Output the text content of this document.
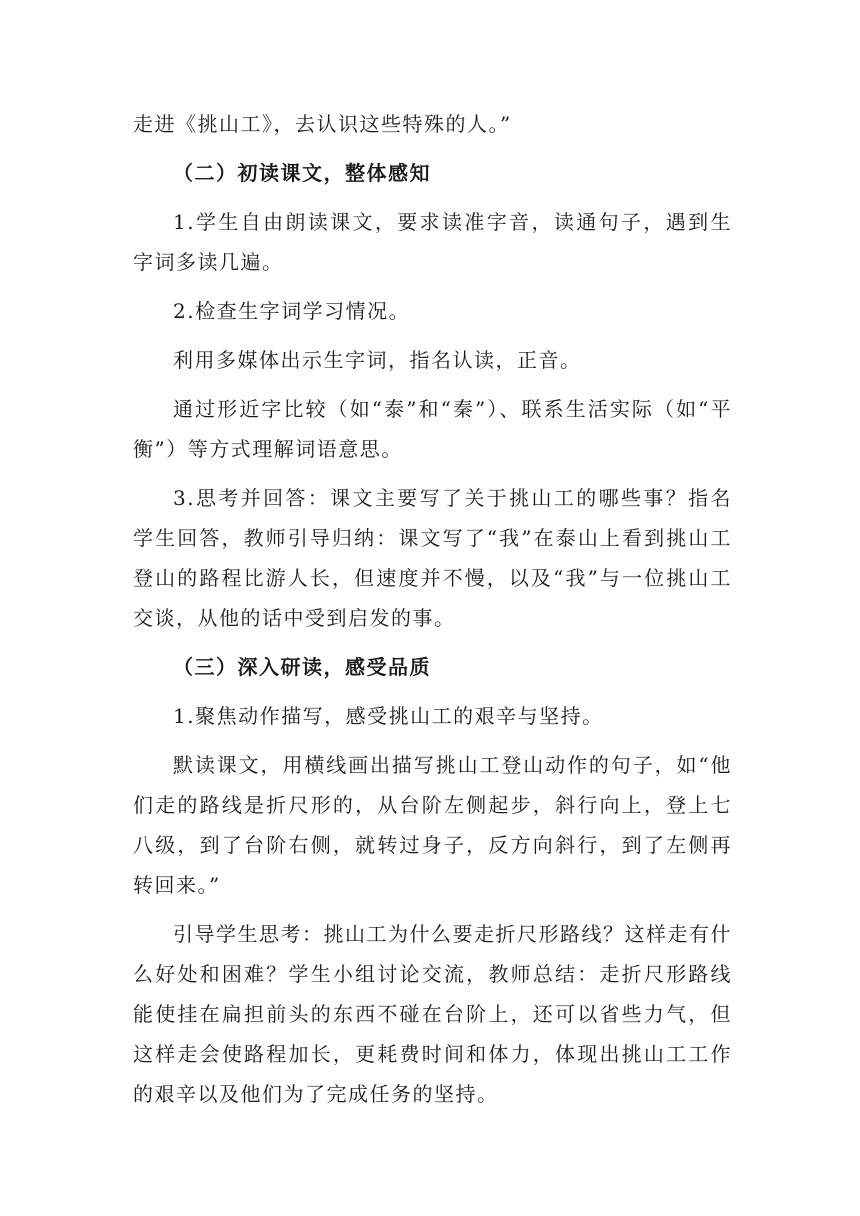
走进《挑山工》，去认识这些特殊的人。”

（二）初读课文，整体感知

1.学生自由朗读课文，要求读准字音，读通句子，遇到生字词多读几遍。

2.检查生字词学习情况。

利用多媒体出示生字词，指名认读，正音。

通过形近字比较（如“泰”和“秦”）、联系生活实际（如“平衡”）等方式理解词语意思。

3.思考并回答：课文主要写了关于挑山工的哪些事？指名学生回答，教师引导归纳：课文写了“我”在泰山上看到挑山工登山的路程比游人长，但速度并不慢，以及“我”与一位挑山工交谈，从他的话中受到启发的事。

（三）深入研读，感受品质

1.聚焦动作描写，感受挑山工的艰辛与坚持。

默读课文，用横线画出描写挑山工登山动作的句子，如“他们走的路线是折尺形的，从台阶左侧起步，斜行向上，登上七八级，到了台阶右侧，就转过身子，反方向斜行，到了左侧再转回来。”

引导学生思考：挑山工为什么要走折尺形路线？这样走有什么好处和困难？学生小组讨论交流，教师总结：走折尺形路线能使挂在扁担前头的东西不碰在台阶上，还可以省些力气，但这样走会使路程加长，更耗费时间和体力，体现出挑山工工作的艰辛以及他们为了完成任务的坚持。
